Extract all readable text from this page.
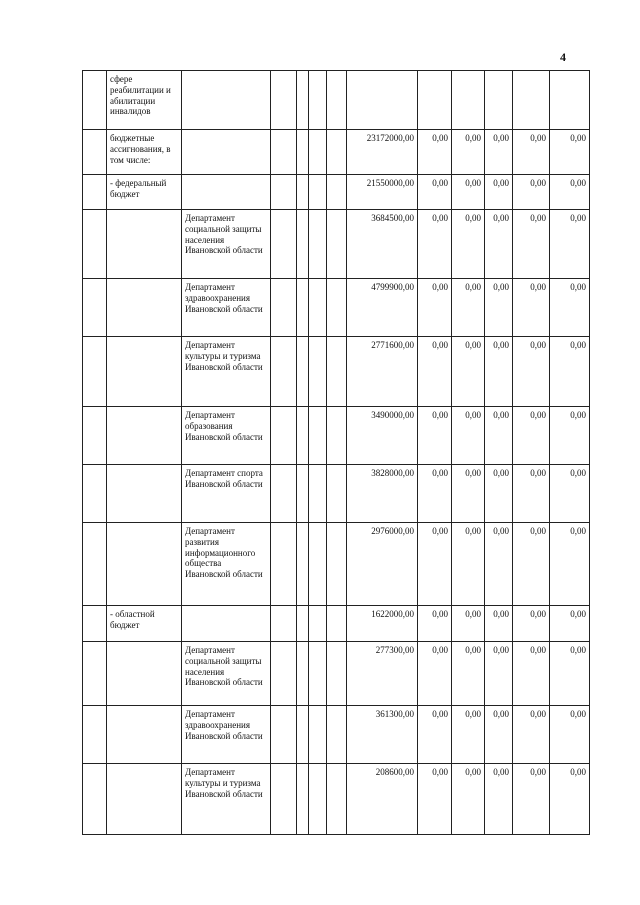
4
	сфере реабилитации и абилитации инвалидов											
	бюджетные ассигнования, в том числе:						23172000,00	0,00	0,00	0,00	0,00	0,00
	- федеральный бюджет						21550000,00	0,00	0,00	0,00	0,00	0,00
		Департамент социальной защиты населения Ивановской области					3684500,00	0,00	0,00	0,00	0,00	0,00
		Департамент здравоохранения Ивановской области					4799900,00	0,00	0,00	0,00	0,00	0,00
		Департамент культуры и туризма Ивановской области					2771600,00	0,00	0,00	0,00	0,00	0,00
		Департамент образования Ивановской области					3490000,00	0,00	0,00	0,00	0,00	0,00
		Департамент спорта Ивановской области					3828000,00	0,00	0,00	0,00	0,00	0,00
		Департамент развития информационного общества Ивановской области					2976000,00	0,00	0,00	0,00	0,00	0,00
	- областной бюджет						1622000,00	0,00	0,00	0,00	0,00	0,00
		Департамент социальной защиты населения Ивановской области					277300,00	0,00	0,00	0,00	0,00	0,00
		Департамент здравоохранения Ивановской области					361300,00	0,00	0,00	0,00	0,00	0,00
		Департамент культуры и туризма Ивановской области					208600,00	0,00	0,00	0,00	0,00	0,00
